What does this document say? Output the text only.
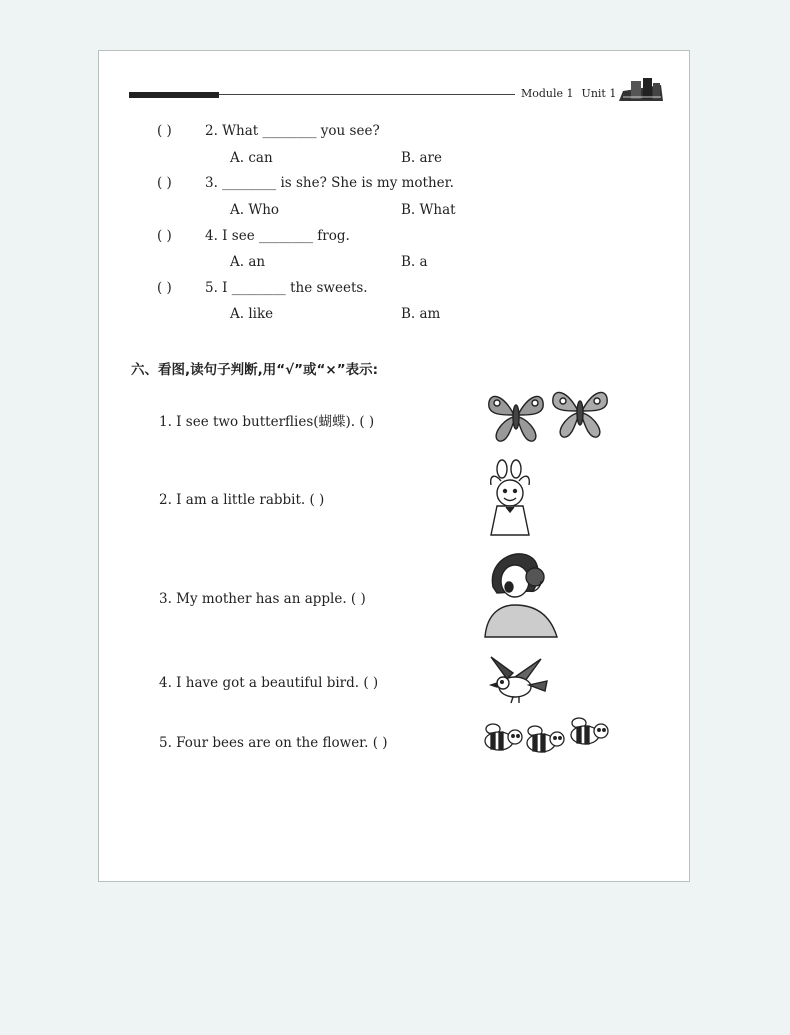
Module 1 Unit 1
( ) 2. What ________ you see?
A. can	B. are
( ) 3. ________ is she? She is my mother.
A. Who	B. What
( ) 4. I see ________ frog.
A. an	B. a
( ) 5. I ________ the sweets.
A. like	B. am
六、看图,读句子判断,用“√”或“×”表示:
1. I see two butterflies(蝴蝶). ( )
2. I am a little rabbit. ( )
3. My mother has an apple. ( )
4. I have got a beautiful bird. ( )
5. Four bees are on the flower. ( )
